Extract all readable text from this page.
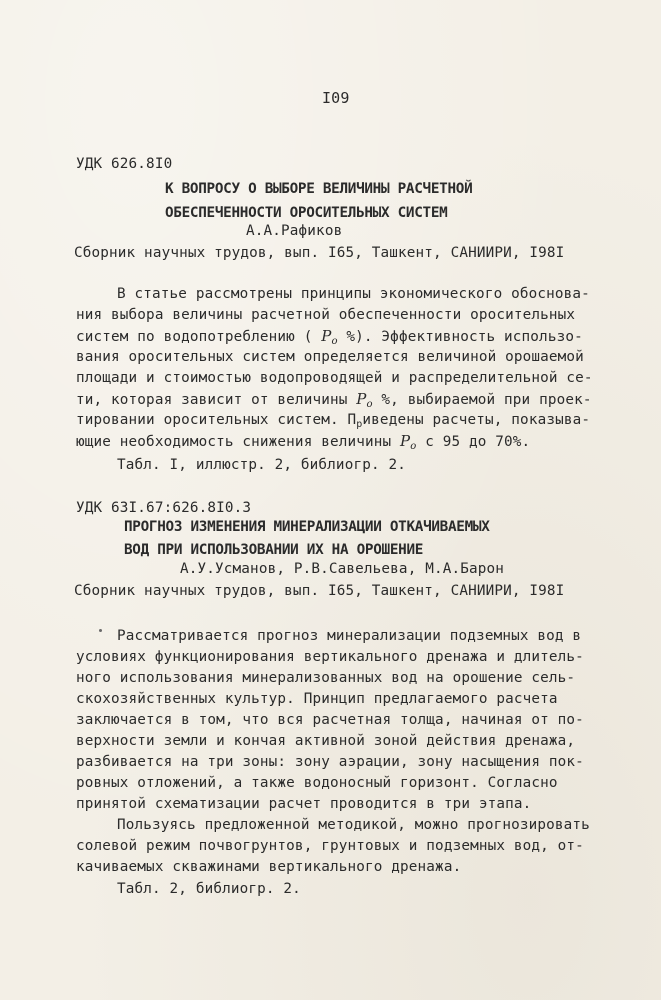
I09
УДК 626.8I0
К ВОПРОСУ О ВЫБОРЕ ВЕЛИЧИНЫ РАСЧЕТНОЙ
ОБЕСПЕЧЕННОСТИ ОРОСИТЕЛЬНЫХ СИСТЕМ
А.А.Рафиков
Сборник научных трудов, вып. I65, Ташкент, САНИИРИ, I98I
В статье рассмотрены принципы экономического обоснова-
ния выбора величины расчетной обеспеченности оросительных
систем по водопотреблению ( $P_o$ %). Эффективность использо-
вания оросительных систем определяется величиной орошаемой
площади и стоимостью водопроводящей и распределительной се-
ти, которая зависит от величины $P_o$ %, выбираемой при проек-
тировании оросительных систем. $П_риведены$ расчеты, показыва-
ющие необходимость снижения величины $P_o$ с 95 до 70%.
Табл. I, иллюстр. 2, библиогр. 2.
УДК 63I.67:626.8I0.3
ПРОГНОЗ ИЗМЕНЕНИЯ МИНЕРАЛИЗАЦИИ ОТКАЧИВАЕМЫХ
ВОД ПРИ ИСПОЛЬЗОВАНИИ ИХ НА ОРОШЕНИЕ
А.У.Усманов, Р.В.Савельева, М.А.Барон
Сборник научных трудов, вып. I65, Ташкент, САНИИРИ, I98I
Рассматривается прогноз минерализации подземных вод в
условиях функционирования вертикального дренажа и длитель-
ного использования минерализованных вод на орошение сель-
скохозяйственных культур. Принцип предлагаемого расчета
заключается в том, что вся расчетная толща, начиная от по-
верхности земли и кончая активной зоной действия дренажа,
разбивается на три зоны: зону аэрации, зону насыщения пок-
ровных отложений, а также водоносный горизонт. Согласно
принятой схематизации расчет проводится в три этапа.
Пользуясь предложенной методикой, можно прогнозировать
солевой режим почвогрунтов, грунтовых и подземных вод, от-
качиваемых скважинами вертикального дренажа.
Табл. 2, библиогр. 2.
